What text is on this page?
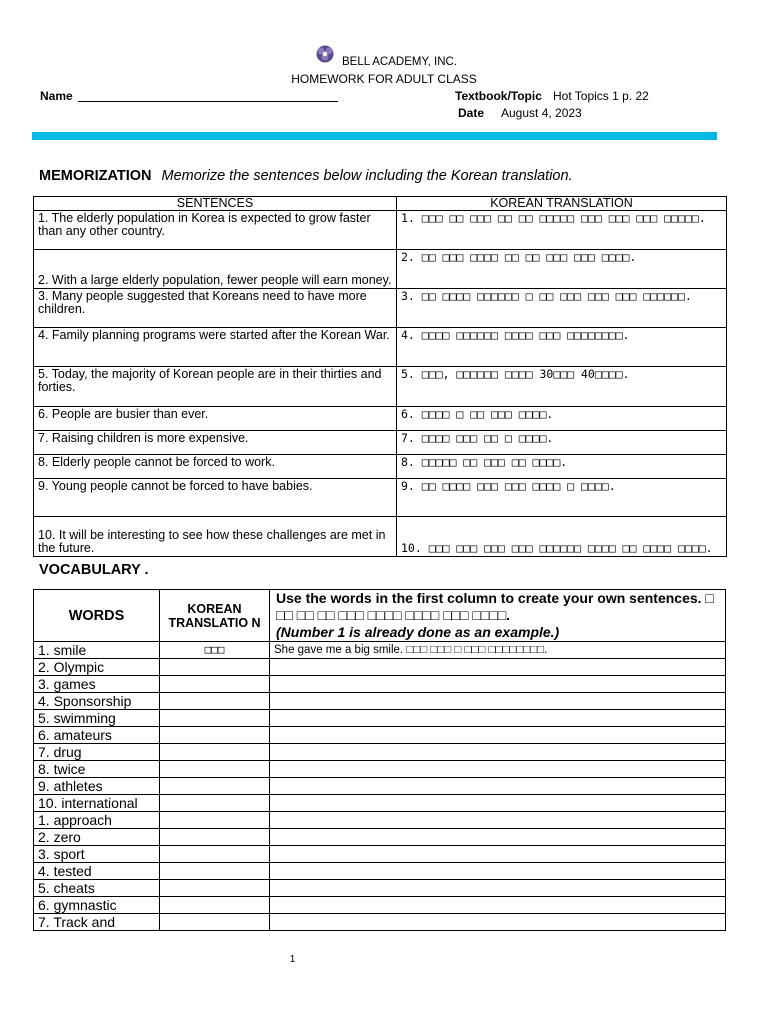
BELL ACADEMY, INC.
HOMEWORK FOR ADULT CLASS
Name	Textbook/Topic Hot Topics 1 p. 22
Date August 4, 2023
MEMORIZATION Memorize the sentences below including the Korean translation.
SENTENCES	KOREAN TRANSLATION
1. The elderly population in Korea is expected to grow faster than any other country.	1. □□□ □□ □□□ □□ □□ □□□□□ □□□ □□□ □□□ □□□□□.
2. With a large elderly population, fewer people will earn money.	2. □□ □□□ □□□□ □□ □□ □□□ □□□ □□□□.
3. Many people suggested that Koreans need to have more children.	3. □□ □□□□ □□□□□□ □ □□ □□□ □□□ □□□ □□□□□□.
4. Family planning programs were started after the Korean War.	4. □□□□ □□□□□□ □□□□ □□□ □□□□□□□□.
5. Today, the majority of Korean people are in their thirties and forties.	5. □□□, □□□□□□ □□□□ 30□□□ 40□□□□.
6. People are busier than ever.	6. □□□□ □ □□ □□□ □□□□.
7. Raising children is more expensive.	7. □□□□ □□□ □□ □ □□□□.
8. Elderly people cannot be forced to work.	8. □□□□□ □□ □□□ □□ □□□□.
9. Young people cannot be forced to have babies.	9. □□ □□□□ □□□ □□□ □□□□ □ □□□□.
10. It will be interesting to see how these challenges are met in the future.	10. □□□ □□□ □□□ □□□ □□□□□□ □□□□ □□ □□□□ □□□□.
VOCABULARY .
WORDS	KOREAN TRANSLATIO N	Use the words in the first column to create your own sentences. □ □□ □□ □□ □□□ □□□□ □□□□ □□□ □□□□.
(Number 1 is already done as an example.)
1. smile	□□□	She gave me a big smile. □□□ □□□ □ □□□ □□□□□□□□.
2. Olympic		
3. games		
4. Sponsorship		
5. swimming		
6. amateurs		
7. drug		
8. twice		
9. athletes		
10. international		
1. approach		
2. zero		
3. sport		
4. tested		
5. cheats		
6. gymnastic		
7. Track and		
1
